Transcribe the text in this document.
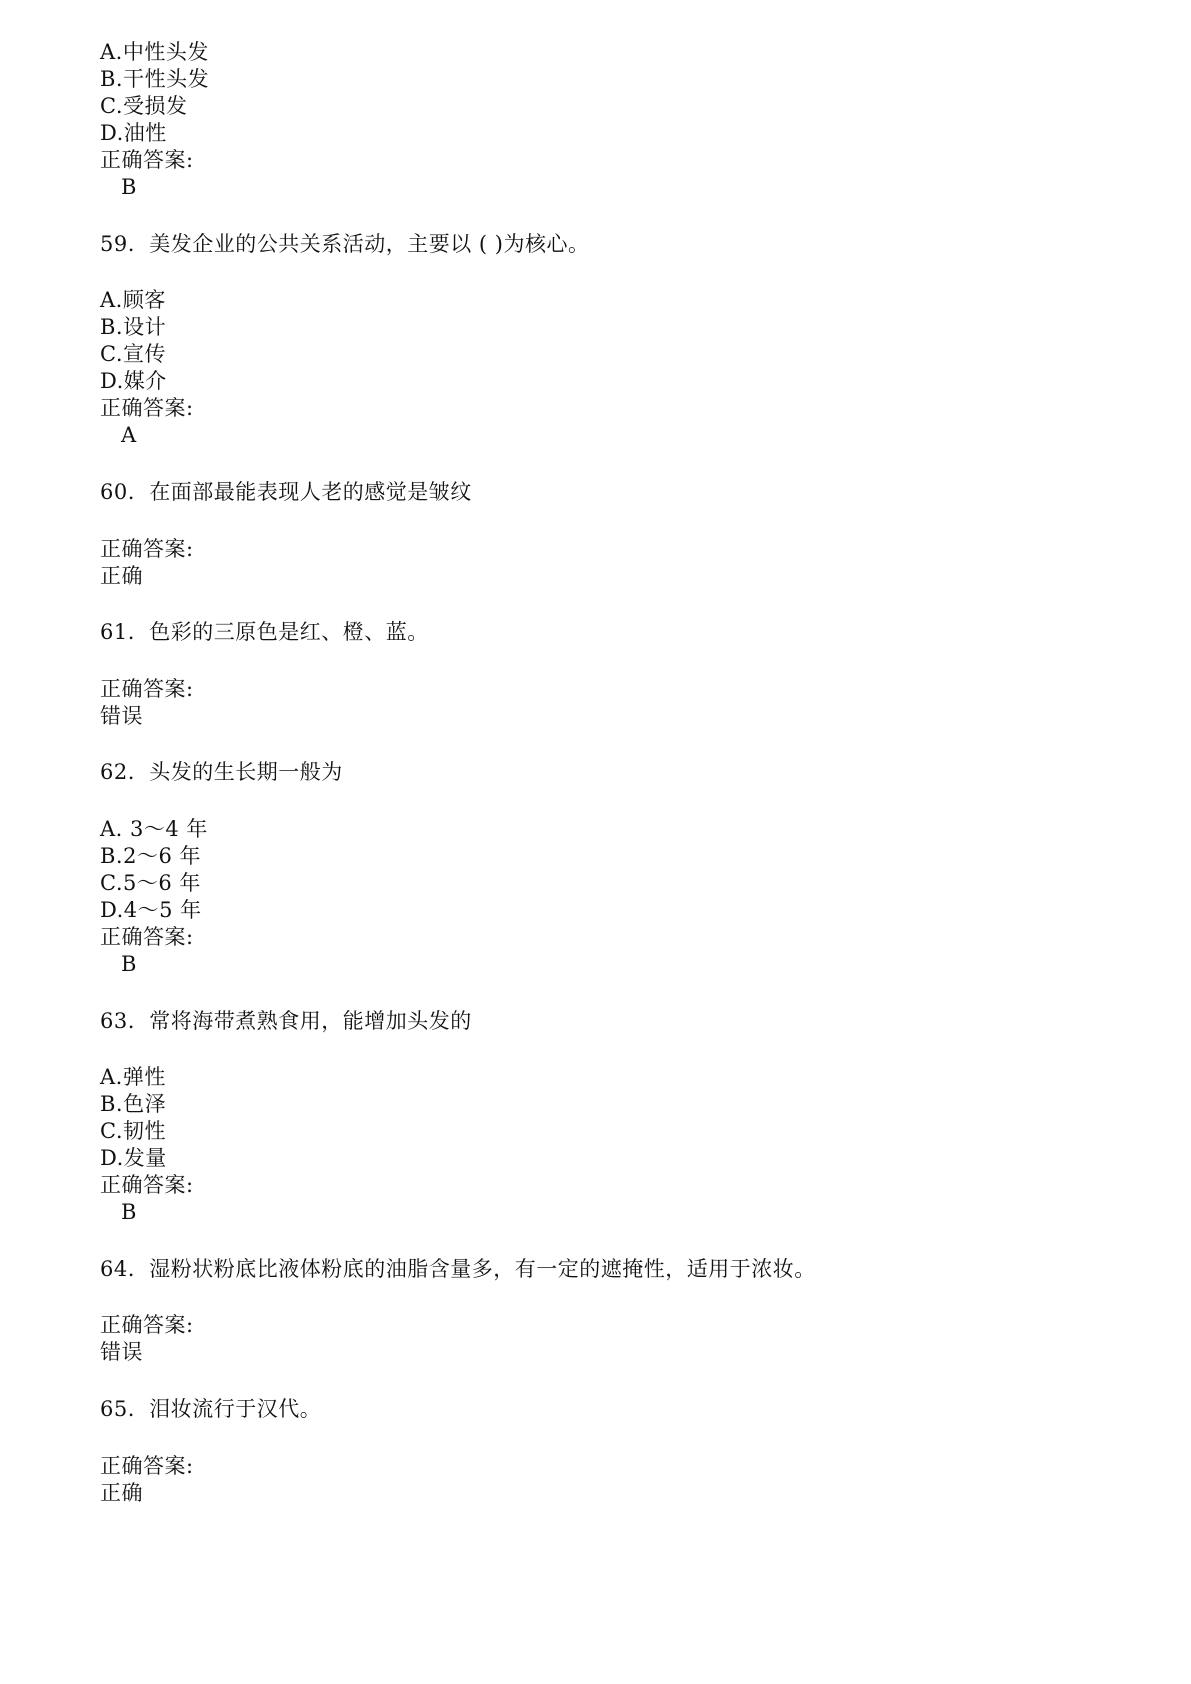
A.中性头发
B.干性头发
C.受损发
D.油性
正确答案:
B
59.  美发企业的公共关系活动，主要以 ( )为核心。
A.顾客
B.设计
C.宣传
D.媒介
正确答案:
A
60.  在面部最能表现人老的感觉是皱纹
正确答案:
正确
61.  色彩的三原色是红、橙、蓝。
正确答案:
错误
62.  头发的生长期一般为
A. 3～4 年
B.2～6 年
C.5～6 年
D.4～5 年
正确答案:
B
63.  常将海带煮熟食用，能增加头发的
A.弹性
B.色泽
C.韧性
D.发量
正确答案:
B
64.  湿粉状粉底比液体粉底的油脂含量多，有一定的遮掩性，适用于浓妆。
正确答案:
错误
65.  泪妆流行于汉代。
正确答案:
正确
